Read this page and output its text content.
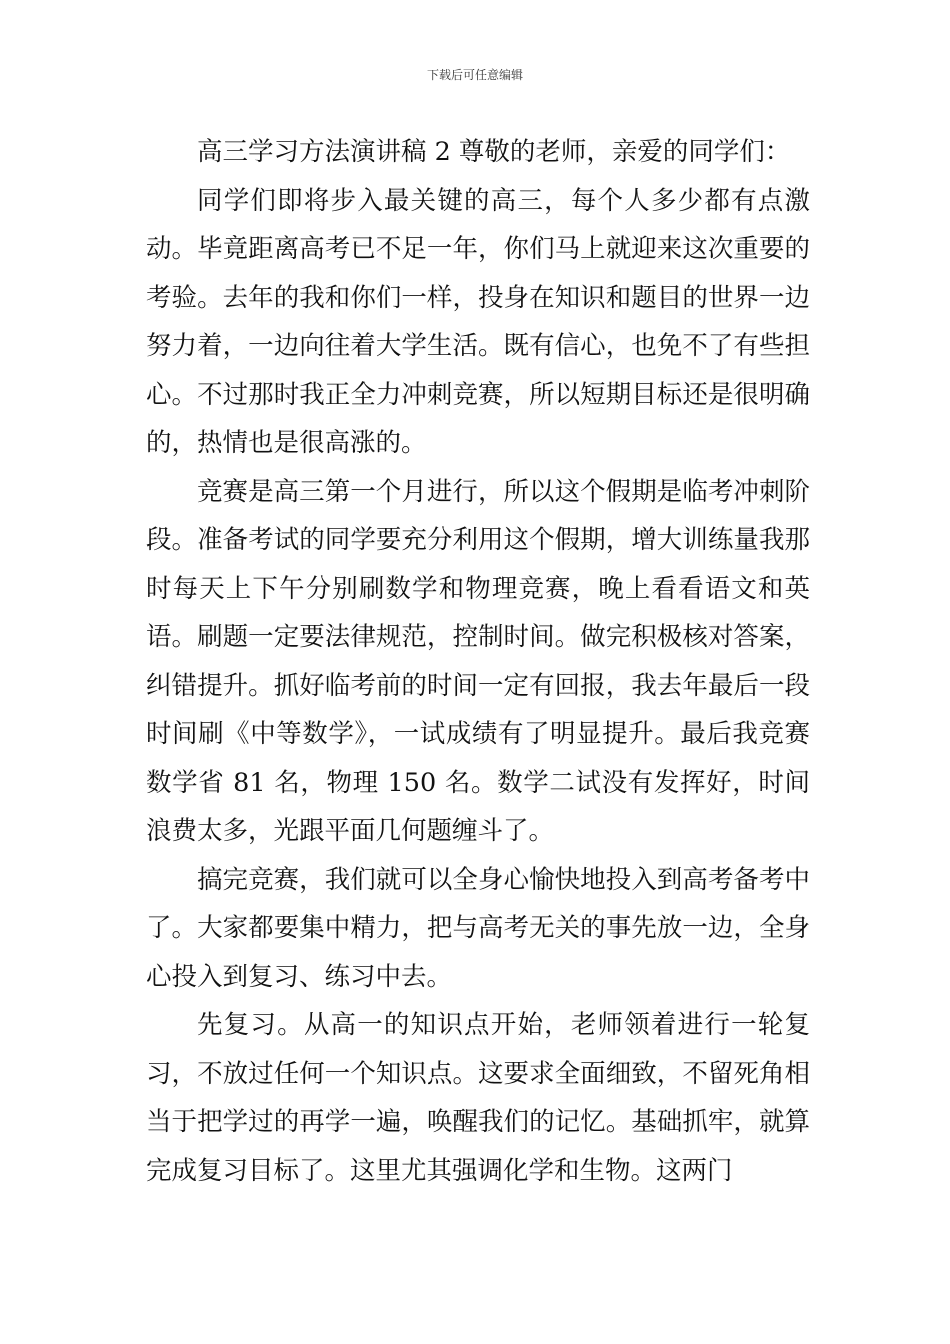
下载后可任意编辑

高三学习方法演讲稿 2 尊敬的老师，亲爱的同学们：

同学们即将步入最关键的高三，每个人多少都有点激动。毕竟距离高考已不足一年，你们马上就迎来这次重要的考验。去年的我和你们一样，投身在知识和题目的世界一边努力着，一边向往着大学生活。既有信心，也免不了有些担心。不过那时我正全力冲刺竞赛，所以短期目标还是很明确的，热情也是很高涨的。

竞赛是高三第一个月进行，所以这个假期是临考冲刺阶段。准备考试的同学要充分利用这个假期，增大训练量我那时每天上下午分别刷数学和物理竞赛，晚上看看语文和英语。刷题一定要法律规范，控制时间。做完积极核对答案，纠错提升。抓好临考前的时间一定有回报，我去年最后一段时间刷《中等数学》，一试成绩有了明显提升。最后我竞赛数学省 81 名，物理 150 名。数学二试没有发挥好，时间浪费太多，光跟平面几何题缠斗了。

搞完竞赛，我们就可以全身心愉快地投入到高考备考中了。大家都要集中精力，把与高考无关的事先放一边，全身心投入到复习、练习中去。

先复习。从高一的知识点开始，老师领着进行一轮复习，不放过任何一个知识点。这要求全面细致，不留死角相当于把学过的再学一遍，唤醒我们的记忆。基础抓牢，就算完成复习目标了。这里尤其强调化学和生物。这两门
